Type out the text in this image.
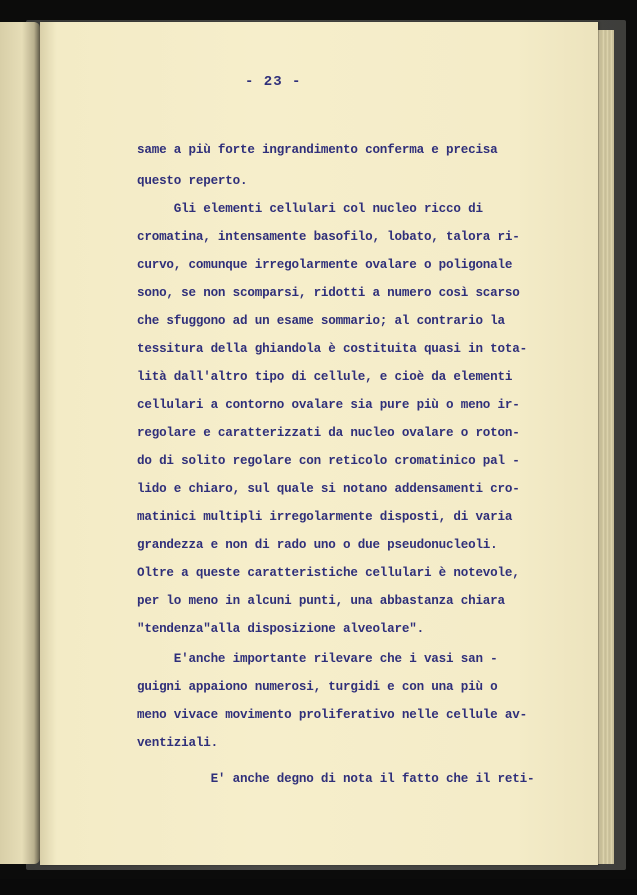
- 23 -
same a più forte ingrandimento conferma e precisa
questo reperto.
Gli elementi cellulari col nucleo ricco di
cromatina, intensamente basofilo, lobato, talora ri-
curvo, comunque irregolarmente ovalare o poligonale
sono, se non scomparsi, ridotti a numero così scarso
che sfuggono ad un esame sommario; al contrario la
tessitura della ghiandola è costituita quasi in tota-
lità dall'altro tipo di cellule, e cioè da elementi
cellulari a contorno ovalare sia pure più o meno ir-
regolare e caratterizzati da nucleo ovalare o roton-
do di solito regolare con reticolo cromatinico pal -
lido e chiaro, sul quale si notano addensamenti cro-
matinici multipli irregolarmente disposti, di varia
grandezza e non di rado uno o due pseudonucleoli.
Oltre a queste caratteristiche cellulari è notevole,
per lo meno in alcuni punti, una abbastanza chiara
"tendenza"alla disposizione alveolare".
E'anche importante rilevare che i vasi san -
guigni appaiono numerosi, turgidi e con una più o
meno vivace movimento proliferativo nelle cellule av-
ventiziali.
E' anche degno di nota il fatto che il reti-
